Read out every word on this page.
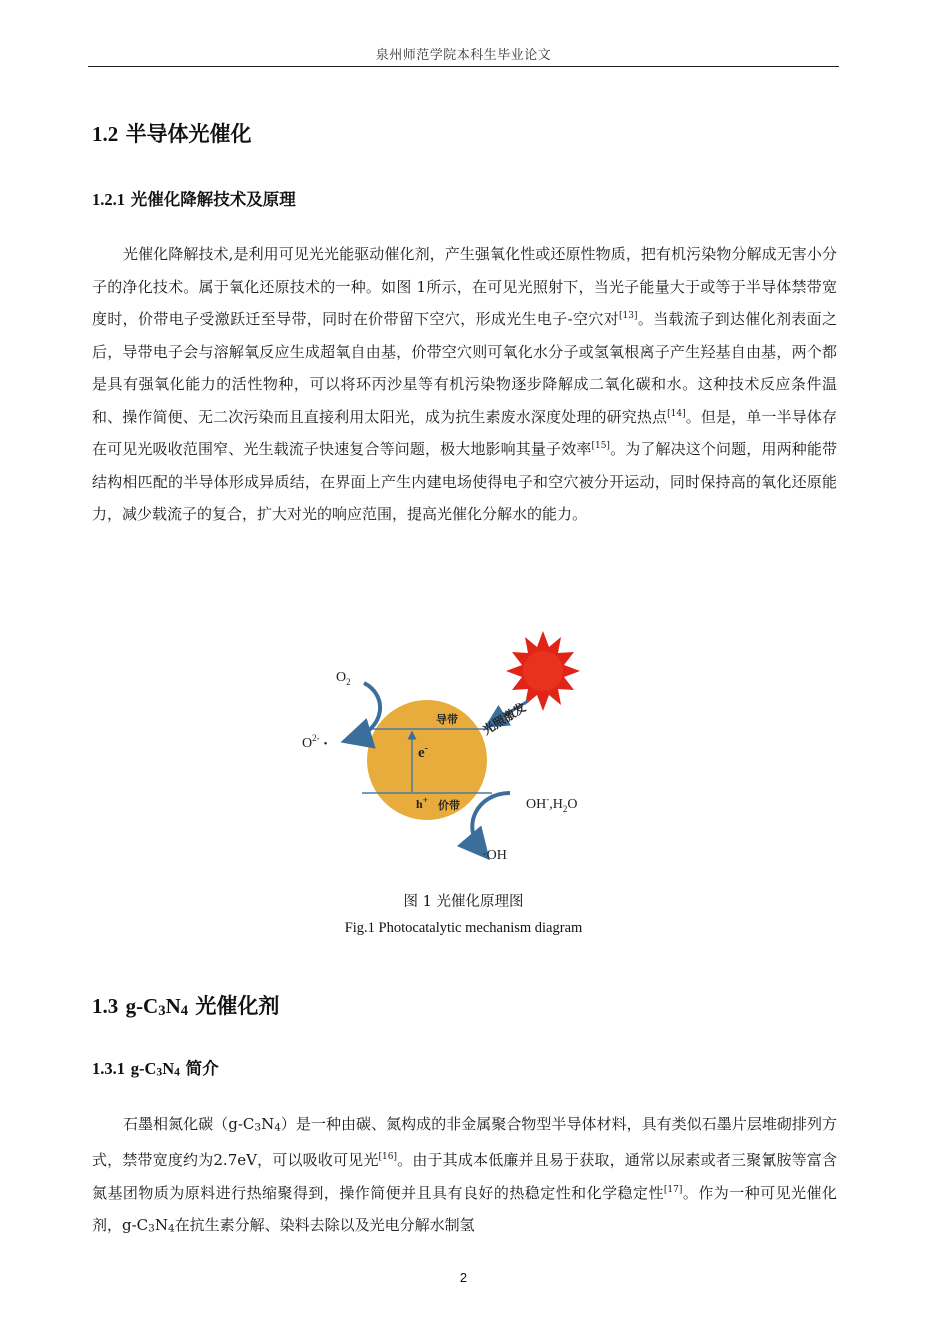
泉州师范学院本科生毕业论文
1.2 半导体光催化
1.2.1 光催化降解技术及原理

光催化降解技术,是利用可见光光能驱动催化剂，产生强氧化性或还原性物质，把有机污染物分解成无害小分子的净化技术。属于氧化还原技术的一种。如图 1所示，在可见光照射下，当光子能量大于或等于半导体禁带宽度时，价带电子受激跃迁至导带，同时在价带留下空穴，形成光生电子-空穴对[13]。当载流子到达催化剂表面之后，导带电子会与溶解氧反应生成超氧自由基，价带空穴则可氧化水分子或氢氧根离子产生羟基自由基，两个都是具有强氧化能力的活性物种，可以将环丙沙星等有机污染物逐步降解成二氧化碳和水。这种技术反应条件温和、操作简便、无二次污染而且直接利用太阳光，成为抗生素废水深度处理的研究热点[14]。但是，单一半导体存在可见光吸收范围窄、光生载流子快速复合等问题，极大地影响其量子效率[15]。为了解决这个问题，用两种能带结构相匹配的半导体形成异质结，在界面上产生内建电场使得电子和空穴被分开运动，同时保持高的氧化还原能力，减少载流子的复合，扩大对光的响应范围，提高光催化分解水的能力。

导带
价带
e-
h+
光照激发
$O_2$
$O^{2-}$ $_•$
$OH^-,H_2O$
·OH
图 1 光催化原理图
Fig.1 Photocatalytic mechanism diagram
1.3 g-C3N4 光催化剂
1.3.1 g-C3N4 简介

石墨相氮化碳（g-C3N4）是一种由碳、氮构成的非金属聚合物型半导体材料，具有类似石墨片层堆砌排列方式，禁带宽度约为2.7eV，可以吸收可见光[16]。由于其成本低廉并且易于获取，通常以尿素或者三聚氰胺等富含氮基团物质为原料进行热缩聚得到，操作简便并且具有良好的热稳定性和化学稳定性[17]。作为一种可见光催化剂，g-C3N4在抗生素分解、染料去除以及光电分解水制氢

2
